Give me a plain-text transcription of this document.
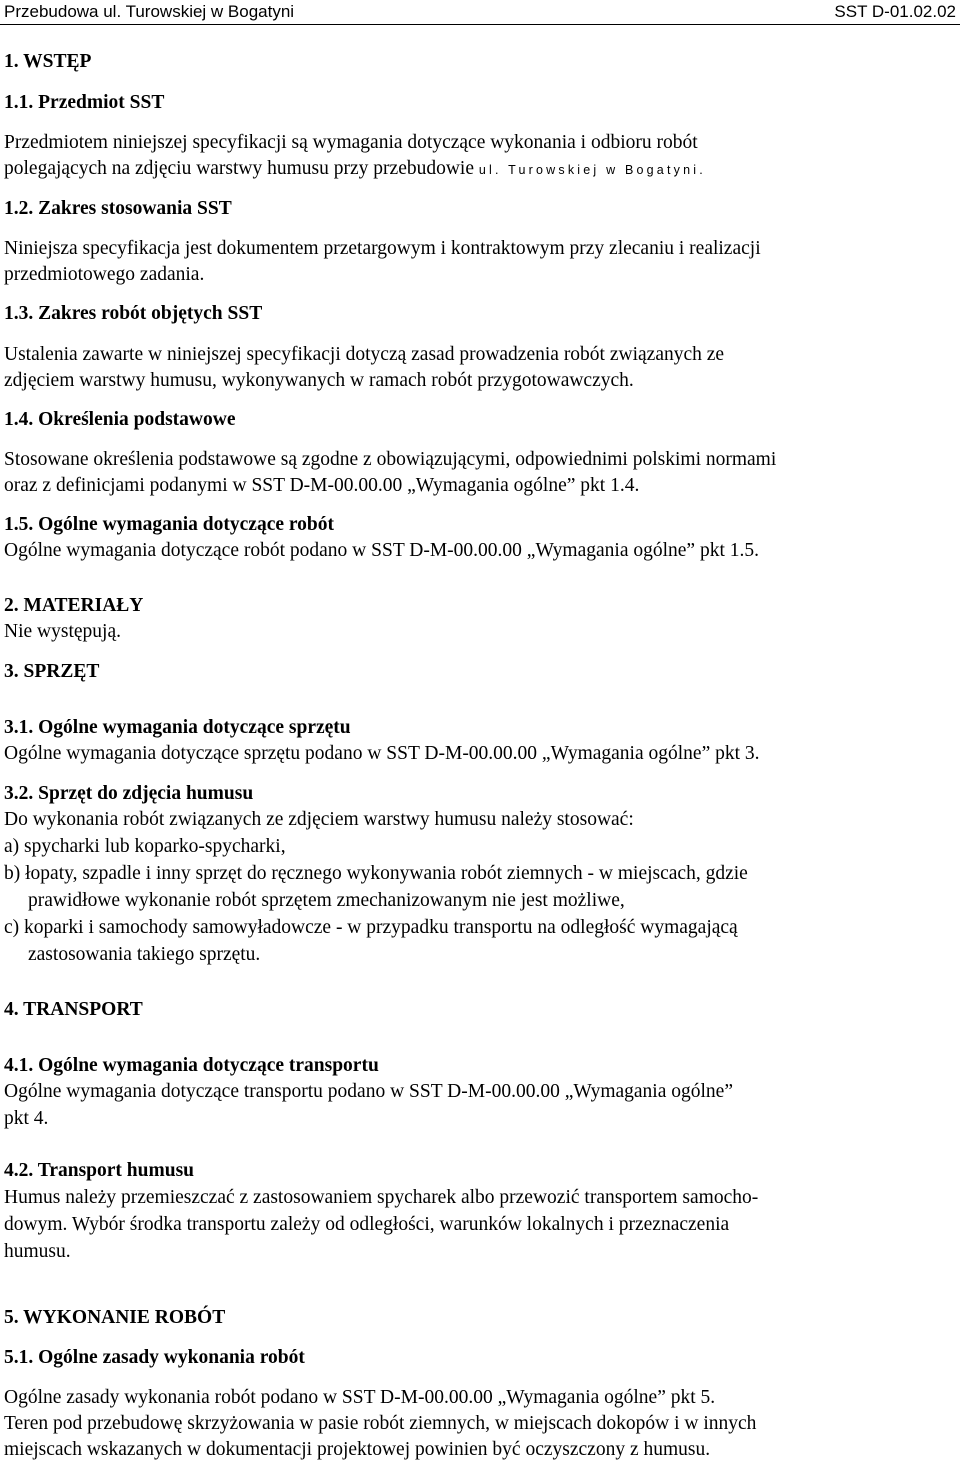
Przebudowa ul. Turowskiej w Bogatyni	SST D-01.02.02
1. WSTĘP
1.1. Przedmiot SST
Przedmiotem niniejszej specyfikacji są wymagania dotyczące wykonania i odbioru robót
polegających na zdjęciu warstwy humusu przy przebudowie ul. Turowskiej w Bogatyni.
1.2. Zakres stosowania SST
Niniejsza specyfikacja jest dokumentem przetargowym i kontraktowym przy zlecaniu i realizacji
przedmiotowego zadania.
1.3. Zakres robót objętych SST
Ustalenia zawarte w niniejszej specyfikacji dotyczą zasad prowadzenia robót związanych ze
zdjęciem warstwy humusu, wykonywanych w ramach robót przygotowawczych.
1.4. Określenia podstawowe
Stosowane określenia podstawowe są zgodne z obowiązującymi, odpowiednimi polskimi normami
oraz z definicjami podanymi w SST D-M-00.00.00 „Wymagania ogólne” pkt 1.4.
1.5. Ogólne wymagania dotyczące robót
Ogólne wymagania dotyczące robót podano w SST D-M-00.00.00 „Wymagania ogólne” pkt 1.5.
2. MATERIAŁY
Nie występują.
3. SPRZĘT
3.1. Ogólne wymagania dotyczące sprzętu
Ogólne wymagania dotyczące sprzętu podano w SST D-M-00.00.00 „Wymagania ogólne” pkt 3.
3.2. Sprzęt do zdjęcia humusu
Do wykonania robót związanych ze zdjęciem warstwy humusu należy stosować:
a) spycharki lub koparko-spycharki,
b) łopaty, szpadle i inny sprzęt do ręcznego wykonywania robót ziemnych - w miejscach, gdzie
prawidłowe wykonanie robót sprzętem zmechanizowanym nie jest możliwe,
c) koparki i samochody samowyładowcze - w przypadku transportu na odległość wymagającą
zastosowania takiego sprzętu.
4. TRANSPORT
4.1. Ogólne wymagania dotyczące transportu
Ogólne wymagania dotyczące transportu podano w SST D-M-00.00.00 „Wymagania ogólne”
pkt 4.
4.2. Transport humusu
Humus należy przemieszczać z zastosowaniem spycharek albo przewozić transportem samocho-
dowym. Wybór środka transportu zależy od odległości, warunków lokalnych i przeznaczenia
humusu.
5. WYKONANIE ROBÓT
5.1. Ogólne zasady wykonania robót
Ogólne zasady wykonania robót podano w SST D-M-00.00.00 „Wymagania ogólne” pkt 5.
Teren pod przebudowę skrzyżowania w pasie robót ziemnych, w miejscach dokopów i w innych
miejscach wskazanych w dokumentacji projektowej powinien być oczyszczony z humusu.
